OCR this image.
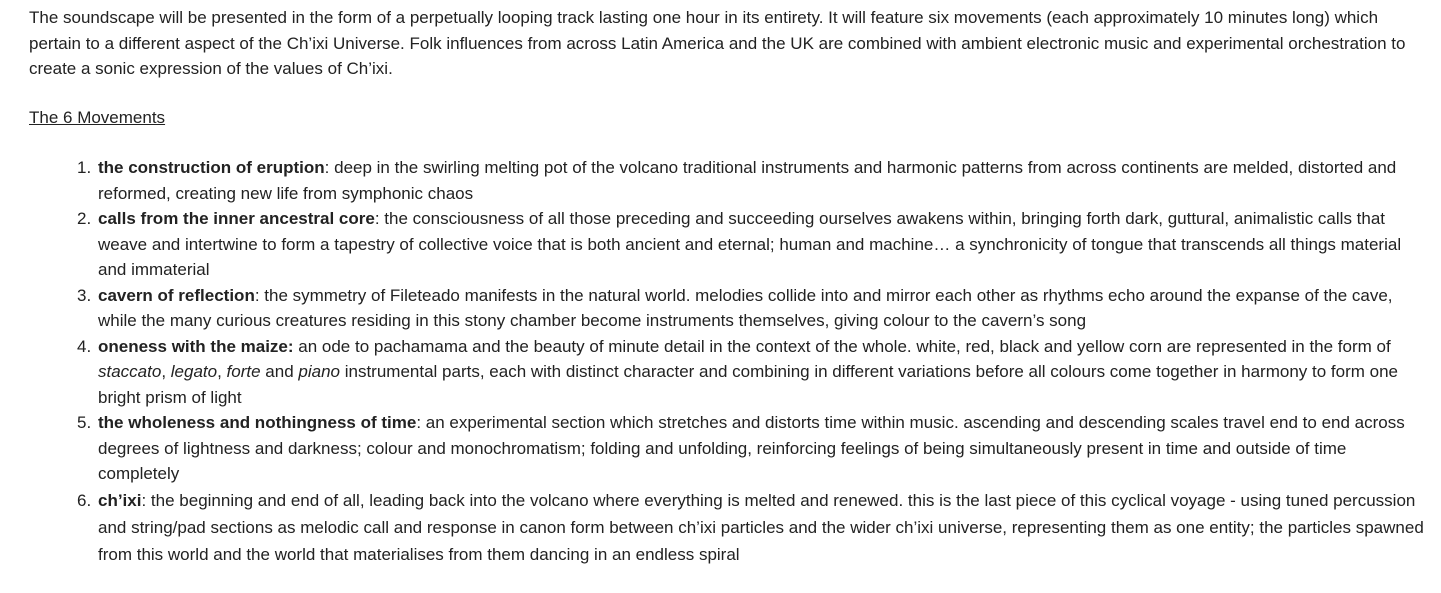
The soundscape will be presented in the form of a perpetually looping track lasting one hour in its entirety. It will feature six movements (each approximately 10 minutes long) which pertain to a different aspect of the Ch’ixi Universe. Folk influences from across Latin America and the UK are combined with ambient electronic music and experimental orchestration to create a sonic expression of the values of Ch’ixi.

The 6 Movements
1. the construction of eruption: deep in the swirling melting pot of the volcano traditional instruments and harmonic patterns from across continents are melded, distorted and reformed, creating new life from symphonic chaos
2. calls from the inner ancestral core: the consciousness of all those preceding and succeeding ourselves awakens within, bringing forth dark, guttural, animalistic calls that weave and intertwine to form a tapestry of collective voice that is both ancient and eternal; human and machine… a synchronicity of tongue that transcends all things material and immaterial
3. cavern of reflection: the symmetry of Fileteado manifests in the natural world. melodies collide into and mirror each other as rhythms echo around the expanse of the cave, while the many curious creatures residing in this stony chamber become instruments themselves, giving colour to the cavern’s song
4. oneness with the maize: an ode to pachamama and the beauty of minute detail in the context of the whole. white, red, black and yellow corn are represented in the form of staccato, legato, forte and piano instrumental parts, each with distinct character and combining in different variations before all colours come together in harmony to form one bright prism of light
5. the wholeness and nothingness of time: an experimental section which stretches and distorts time within music. ascending and descending scales travel end to end across degrees of lightness and darkness; colour and monochromatism; folding and unfolding, reinforcing feelings of being simultaneously present in time and outside of time completely
6. ch’ixi: the beginning and end of all, leading back into the volcano where everything is melted and renewed. this is the last piece of this cyclical voyage - using tuned percussion and string/pad sections as melodic call and response in canon form between ch’ixi particles and the wider ch’ixi universe, representing them as one entity; the particles spawned from this world and the world that materialises from them dancing in an endless spiral
